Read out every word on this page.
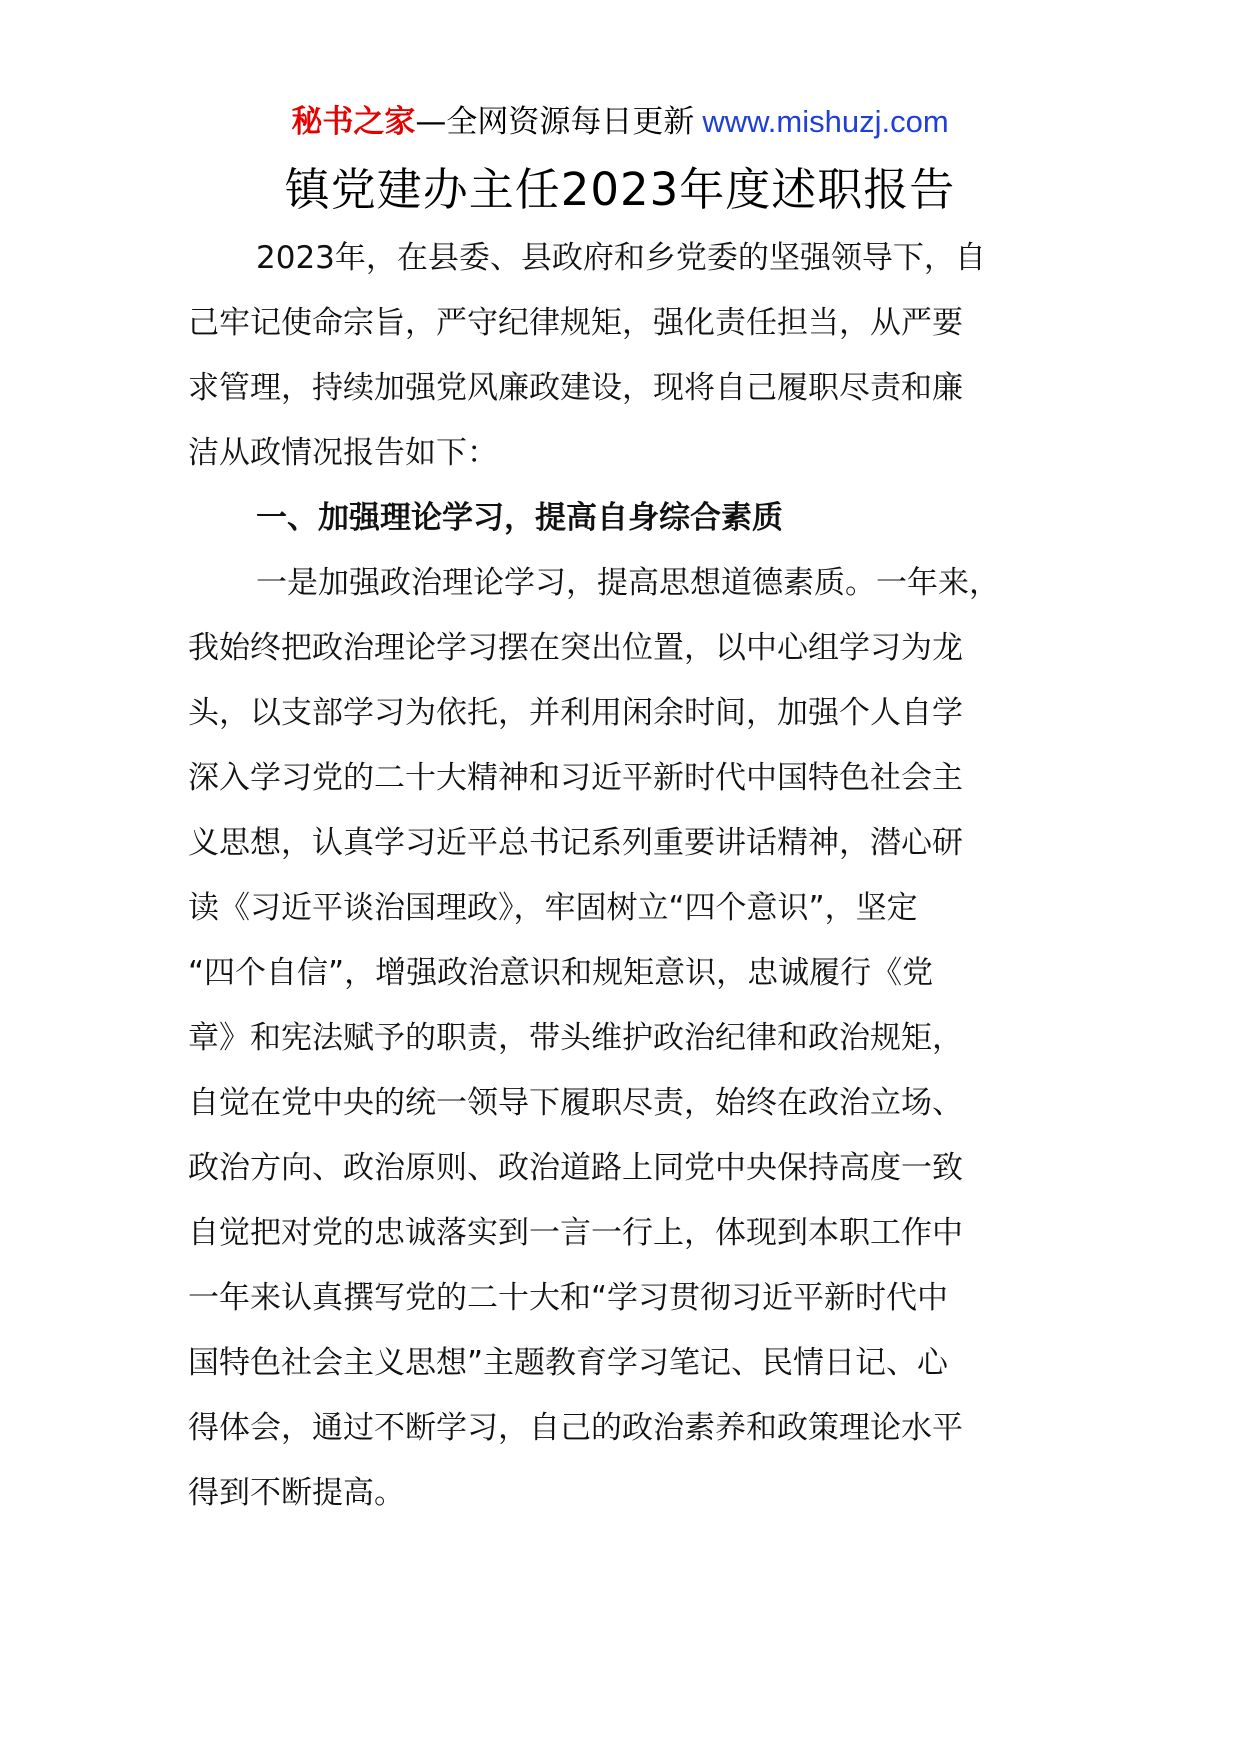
秘书之家—全网资源每日更新 www.mishuzj.com
镇党建办主任2023年度述职报告
2023年，在县委、县政府和乡党委的坚强领导下，自
己牢记使命宗旨，严守纪律规矩，强化责任担当，从严要
求管理，持续加强党风廉政建设，现将自己履职尽责和廉
洁从政情况报告如下：
一、加强理论学习，提高自身综合素质
一是加强政治理论学习，提高思想道德素质。一年来，
我始终把政治理论学习摆在突出位置，以中心组学习为龙
头，以支部学习为依托，并利用闲余时间，加强个人自学
深入学习党的二十大精神和习近平新时代中国特色社会主
义思想，认真学习近平总书记系列重要讲话精神，潜心研
读《习近平谈治国理政》，牢固树立“四个意识”，坚定
“四个自信”，增强政治意识和规矩意识，忠诚履行《党
章》和宪法赋予的职责，带头维护政治纪律和政治规矩，
自觉在党中央的统一领导下履职尽责，始终在政治立场、
政治方向、政治原则、政治道路上同党中央保持高度一致
自觉把对党的忠诚落实到一言一行上，体现到本职工作中
一年来认真撰写党的二十大和“学习贯彻习近平新时代中
国特色社会主义思想”主题教育学习笔记、民情日记、心
得体会，通过不断学习，自己的政治素养和政策理论水平
得到不断提高。
